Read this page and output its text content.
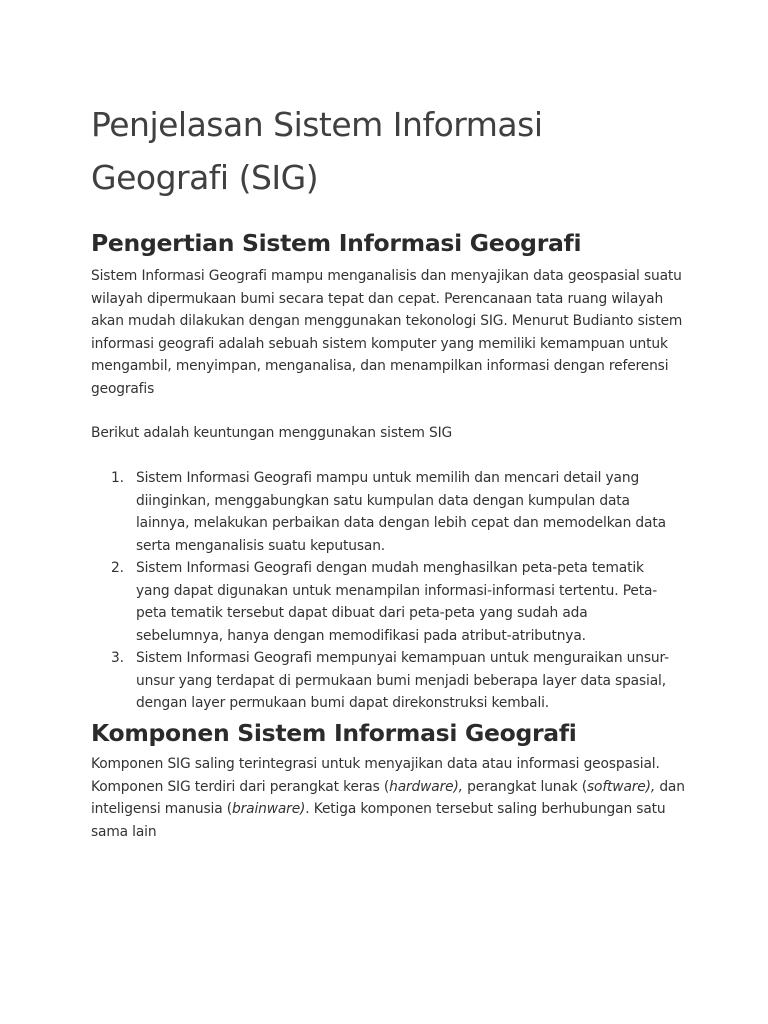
Penjelasan Sistem Informasi
Geografi (SIG)
Pengertian Sistem Informasi Geografi

Sistem Informasi Geografi mampu menganalisis dan menyajikan data geospasial suatu wilayah dipermukaan bumi secara tepat dan cepat. Perencanaan tata ruang wilayah akan mudah dilakukan dengan menggunakan tekonologi SIG. Menurut Budianto sistem informasi geografi adalah sebuah sistem komputer yang memiliki kemampuan untuk mengambil, menyimpan, menganalisa, dan menampilkan informasi dengan referensi geografis

Berikut adalah keuntungan menggunakan sistem SIG

1. Sistem Informasi Geografi mampu untuk memilih dan mencari detail yang diinginkan, menggabungkan satu kumpulan data dengan kumpulan data lainnya, melakukan perbaikan data dengan lebih cepat dan memodelkan data serta menganalisis suatu keputusan.
2. Sistem Informasi Geografi dengan mudah menghasilkan peta-peta tematik yang dapat digunakan untuk menampilan informasi-informasi tertentu. Peta-peta tematik tersebut dapat dibuat dari peta-peta yang sudah ada sebelumnya, hanya dengan memodifikasi pada atribut-atributnya.
3. Sistem Informasi Geografi mempunyai kemampuan untuk menguraikan unsur-unsur yang terdapat di permukaan bumi menjadi beberapa layer data spasial, dengan layer permukaan bumi dapat direkonstruksi kembali.
Komponen Sistem Informasi Geografi

Komponen SIG saling terintegrasi untuk menyajikan data atau informasi geospasial. Komponen SIG terdiri dari perangkat keras (hardware), perangkat lunak (software), dan inteligensi manusia (brainware). Ketiga komponen tersebut saling berhubungan satu sama lain
